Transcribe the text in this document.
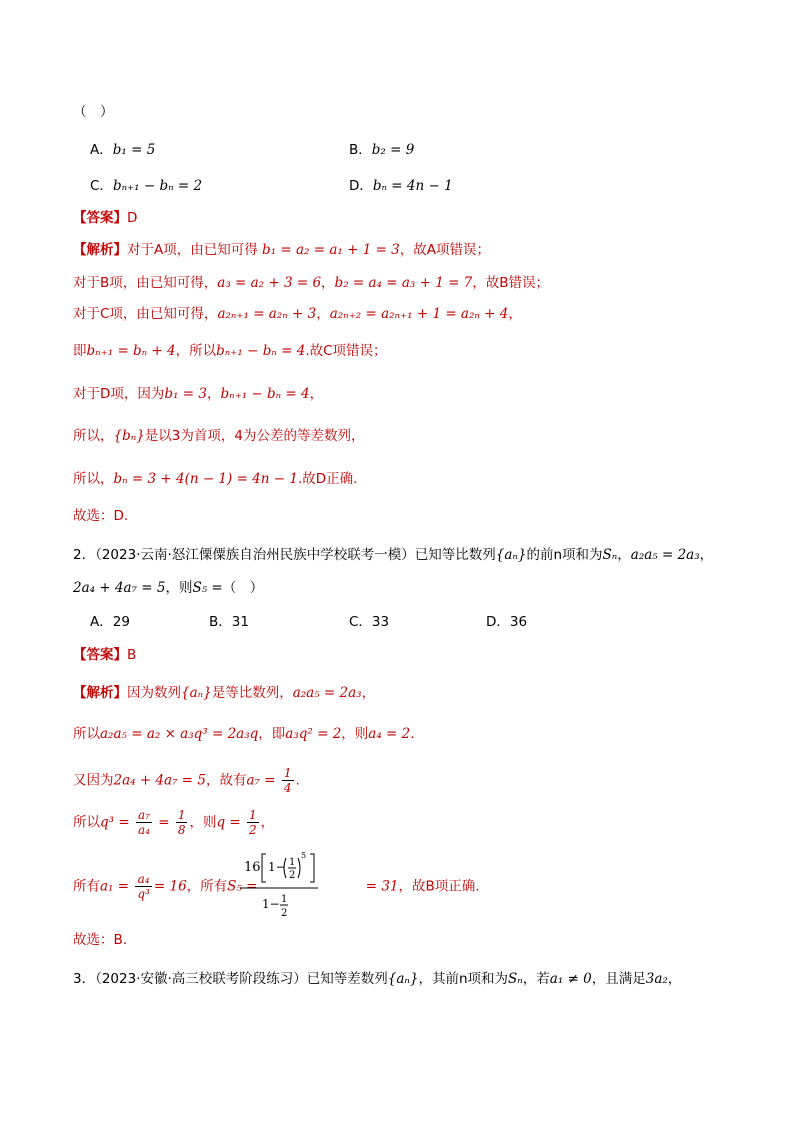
（　）
A．b₁ = 5	B．b₂ = 9
C．bₙ₊₁ − bₙ = 2	D．bₙ = 4n − 1
【答案】D
【解析】对于A项，由已知可得 b₁ = a₂ = a₁ + 1 = 3，故A项错误；
对于B项，由已知可得，a₃ = a₂ + 3 = 6，b₂ = a₄ = a₃ + 1 = 7，故B错误；
对于C项，由已知可得，a₂ₙ₊₁ = a₂ₙ + 3，a₂ₙ₊₂ = a₂ₙ₊₁ + 1 = a₂ₙ + 4，
即bₙ₊₁ = bₙ + 4，所以bₙ₊₁ − bₙ = 4.故C项错误；
对于D项，因为b₁ = 3，bₙ₊₁ − bₙ = 4，
所以，{bₙ}是以3为首项，4为公差的等差数列，
所以，bₙ = 3 + 4(n − 1) = 4n − 1.故D正确.
故选：D.
2．（2023·云南·怒江傈僳族自治州民族中学校联考一模）已知等比数列{aₙ}的前n项和为Sₙ，a₂a₅ = 2a₃，
2a₄ + 4a₇ = 5，则S₅ =（　）
A．29	B．31	C．33	D．36
【答案】B
【解析】因为数列{aₙ}是等比数列，a₂a₅ = 2a₃，
所以a₂a₅ = a₂ × a₃q³ = 2a₃q，即a₃q² = 2，则a₄ = 2.
又因为2a₄ + 4a₇ = 5，故有$a_7 = \frac{1}{4}$ .
所以$q^3 = \frac{\text{a₇}}{\text{a₄}} = \frac{1}{8}$ ，则$q = \frac{1}{2}$ ，
所有$a_1 = \frac{\text{a₄}}{\text{q³}} = 16$，所有S₅ =	= 31，故B项正确.
16 1− 1
2
5
1− 1
2
故选：B.
3．（2023·安徽·高三校联考阶段练习）已知等差数列{aₙ}，其前n项和为Sₙ，若a₁ ≠ 0，且满足3a₂，
